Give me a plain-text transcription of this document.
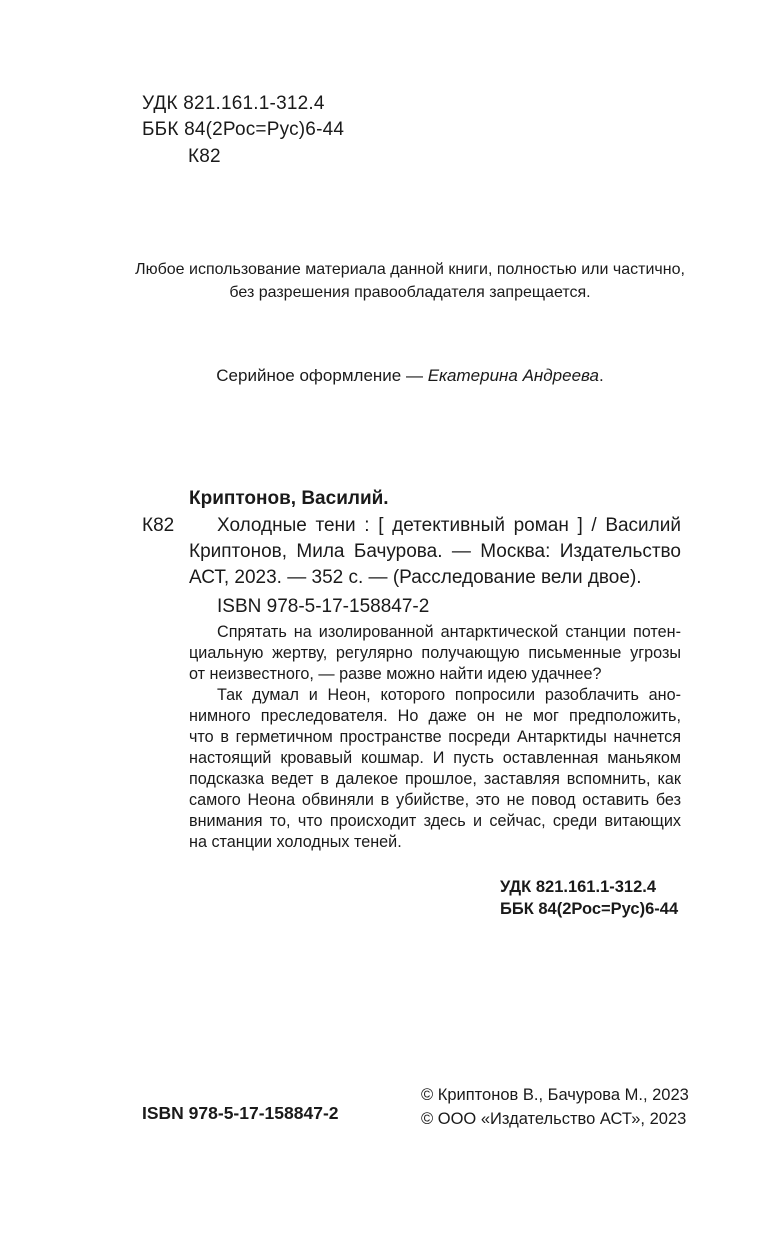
УДК 821.161.1-312.4
ББК 84(2Рос=Рус)6-44
К82
Любое использование материала данной книги, полностью или частично,
без разрешения правообладателя запрещается.
Серийное оформление — Екатерина Андреева.
Криптонов, Василий.
К82	Холодные тени : [ детективный роман ] / Василий
Криптонов, Мила Бачурова. — Москва: Издательство
АСТ, 2023. — 352 с. — (Расследование вели двое).
ISBN 978-5-17-158847-2
Спрятать на изолированной антарктической станции потен-
циальную жертву, регулярно получающую письменные угрозы
от неизвестного, — разве можно найти идею удачнее?
Так думал и Неон, которого попросили разоблачить ано-
нимного преследователя. Но даже он не мог предположить,
что в герметичном пространстве посреди Антарктиды начнется
настоящий кровавый кошмар. И пусть оставленная маньяком
подсказка ведет в далекое прошлое, заставляя вспомнить, как
самого Неона обвиняли в убийстве, это не повод оставить без
внимания то, что происходит здесь и сейчас, среди витающих
на станции холодных теней.
УДК 821.161.1-312.4
ББК 84(2Рос=Рус)6-44
ISBN 978-5-17-158847-2
© Криптонов В., Бачурова М., 2023
© ООО «Издательство АСТ», 2023
